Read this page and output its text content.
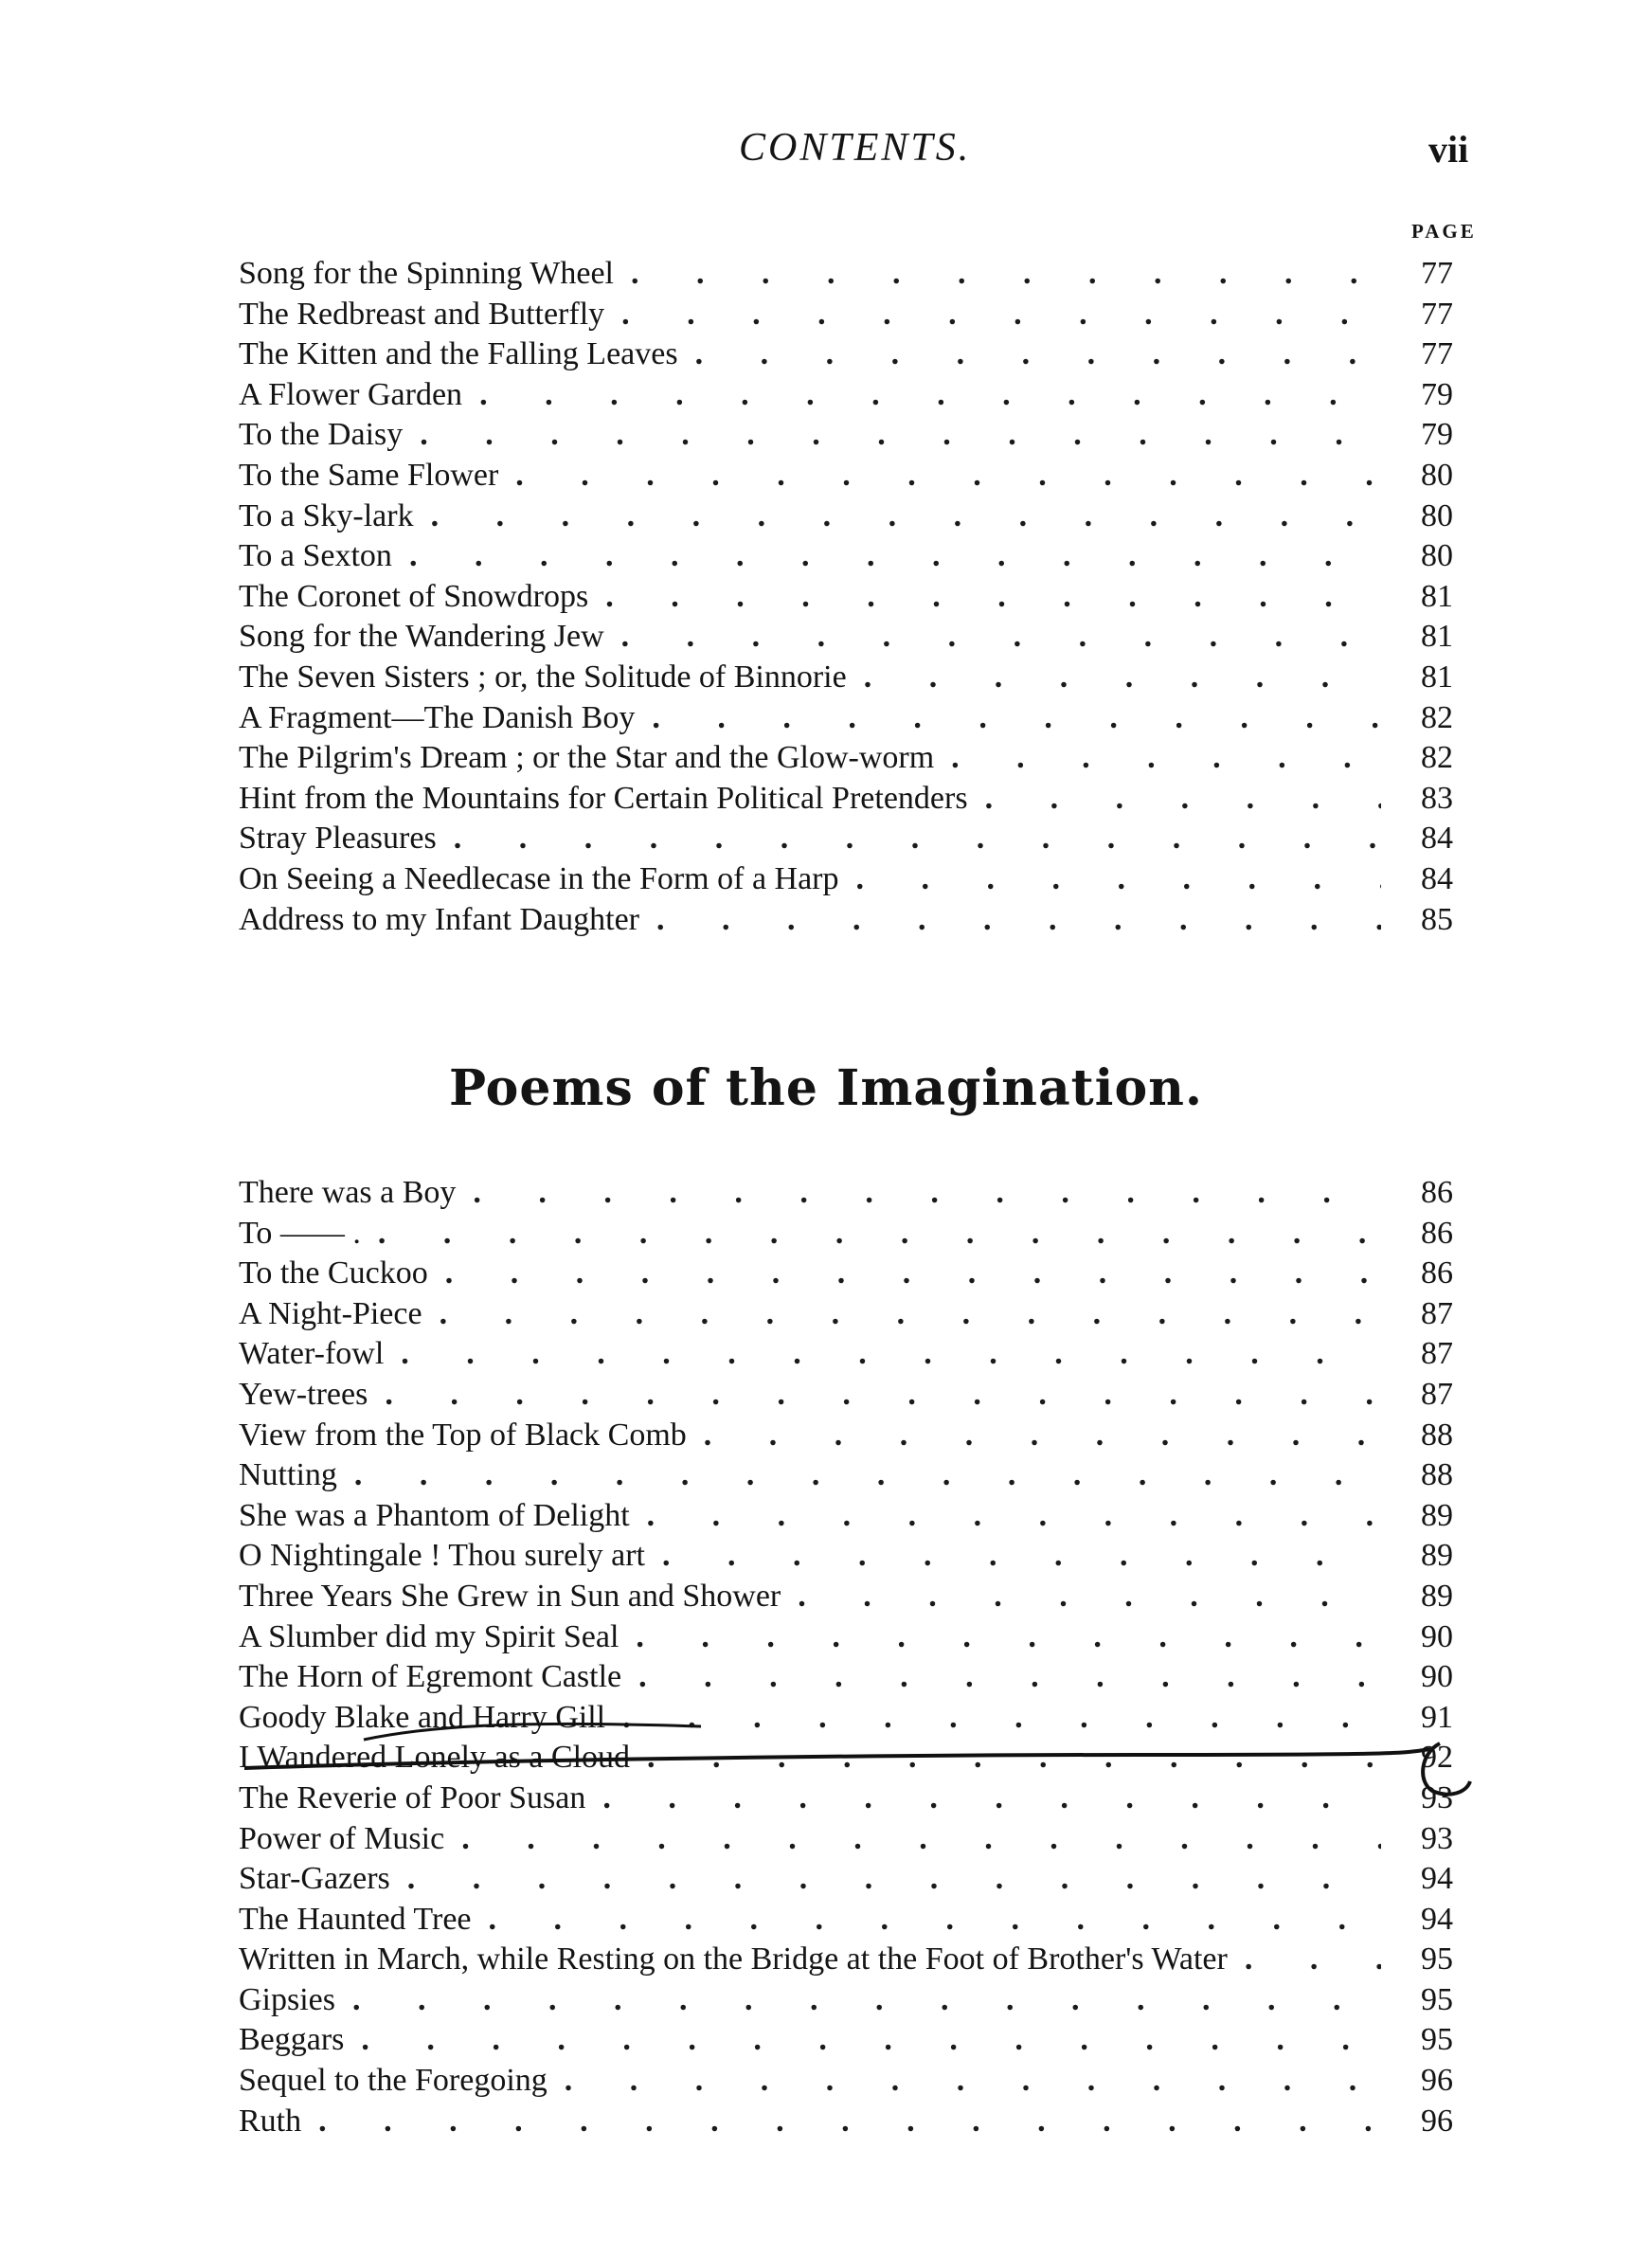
CONTENTS.	vii
PAGE
Song for the Spinning Wheel . . .	77
The Redbreast and Butterfly . . .	77
The Kitten and the Falling Leaves . . .	77
A Flower Garden . . .	79
To the Daisy . . .	79
To the Same Flower . . .	80
To a Sky-lark . . .	80
To a Sexton . . .	80
The Coronet of Snowdrops . . .	81
Song for the Wandering Jew . . .	81
The Seven Sisters ; or, the Solitude of Binnorie . . .	81
A Fragment—The Danish Boy . . .	82
The Pilgrim's Dream ; or the Star and the Glow-worm . . .	82
Hint from the Mountains for Certain Political Pretenders . . .	83
Stray Pleasures . . .	84
On Seeing a Needlecase in the Form of a Harp . . .	84
Address to my Infant Daughter . . .	85
Poems of the Imagination.
There was a Boy . . .	86
To —— . . . .	86
To the Cuckoo . . .	86
A Night-Piece . . .	87
Water-fowl . . .	87
Yew-trees . . .	87
View from the Top of Black Comb . . .	88
Nutting . . .	88
She was a Phantom of Delight . . .	89
O Nightingale ! Thou surely art . . .	89
Three Years She Grew in Sun and Shower . . .	89
A Slumber did my Spirit Seal . . .	90
The Horn of Egremont Castle . . .	90
Goody Blake and Harry Gill . . .	91
I Wandered Lonely as a Cloud . . .	92
The Reverie of Poor Susan . . .	93
Power of Music . . .	93
Star-Gazers . . .	94
The Haunted Tree . . .	94
Written in March, while Resting on the Bridge at the Foot of Brother's Water . . .	95
Gipsies . . .	95
Beggars . . .	95
Sequel to the Foregoing . . .	96
Ruth . . .	96
